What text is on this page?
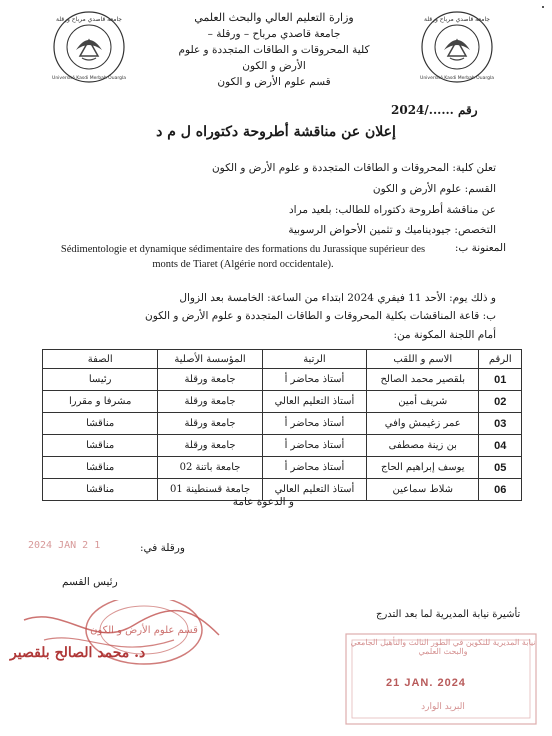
جامعة قاصدي مرباح ورقلة
Université Kasdi Merbah Ouargla
جامعة قاصدي مرباح ورقلة
Université Kasdi Merbah Ouargla
وزارة التعليم العالي والبحث العلمي
جامعة قاصدي مرباح – ورقلة –
كلية المحروقات و الطاقات المتجددة و علوم الأرض و الكون
قسم علوم الأرض و الكون
رقم ....../2024
إعلان عن مناقشة أطروحة دكتوراه ل م د
تعلن كلية: المحروقات و الطاقات المتجددة و علوم الأرض و الكون
القسم: علوم الأرض و الكون
عن مناقشة أطروحة دكتوراه للطالب: بلعيد مراد
التخصص: جيوديناميك و تثمين الأحواض الرسوبية
المعنونة ب:
Sédimentologie et dynamique sédimentaire des formations du Jurassique supérieur des monts de Tiaret (Algérie nord occidentale).
و ذلك يوم: الأحد 11 فيفري 2024 ابتداء من الساعة: الخامسة بعد الزوال
ب: قاعة المناقشات بكلية المحروقات و الطاقات المتجددة و علوم الأرض و الكون
أمام اللجنة المكونة من:
الرقم	الاسم و اللقب	الرتبة	المؤسسة الأصلية	الصفة
01	بلقصير محمد الصالح	أستاذ محاضر أ	جامعة ورقلة	رئيسا
02	شريف أمين	أستاذ التعليم العالي	جامعة ورقلة	مشرفا و مقررا
03	عمر زغيمش وافي	أستاذ محاضر أ	جامعة ورقلة	مناقشا
04	بن زينة مصطفى	أستاذ محاضر أ	جامعة ورقلة	مناقشا
05	يوسف إبراهيم الحاج	أستاذ محاضر أ	جامعة باتنة 02	مناقشا
06	شلاط سماعين	أستاذ التعليم العالي	جامعة قسنطينة 01	مناقشا
و الدعوة عامة
2024 JAN 2 1	ورقلة في:
رئيس القسم
قسم علوم الأرض و الكون
د. محمد الصالح بلقصير
تأشيرة نيابة المديرية لما بعد التدرج
نيابة المديرية للتكوين في الطور الثالث والتأهيل الجامعي والبحث العلمي
21 JAN. 2024
البريد الوارد
